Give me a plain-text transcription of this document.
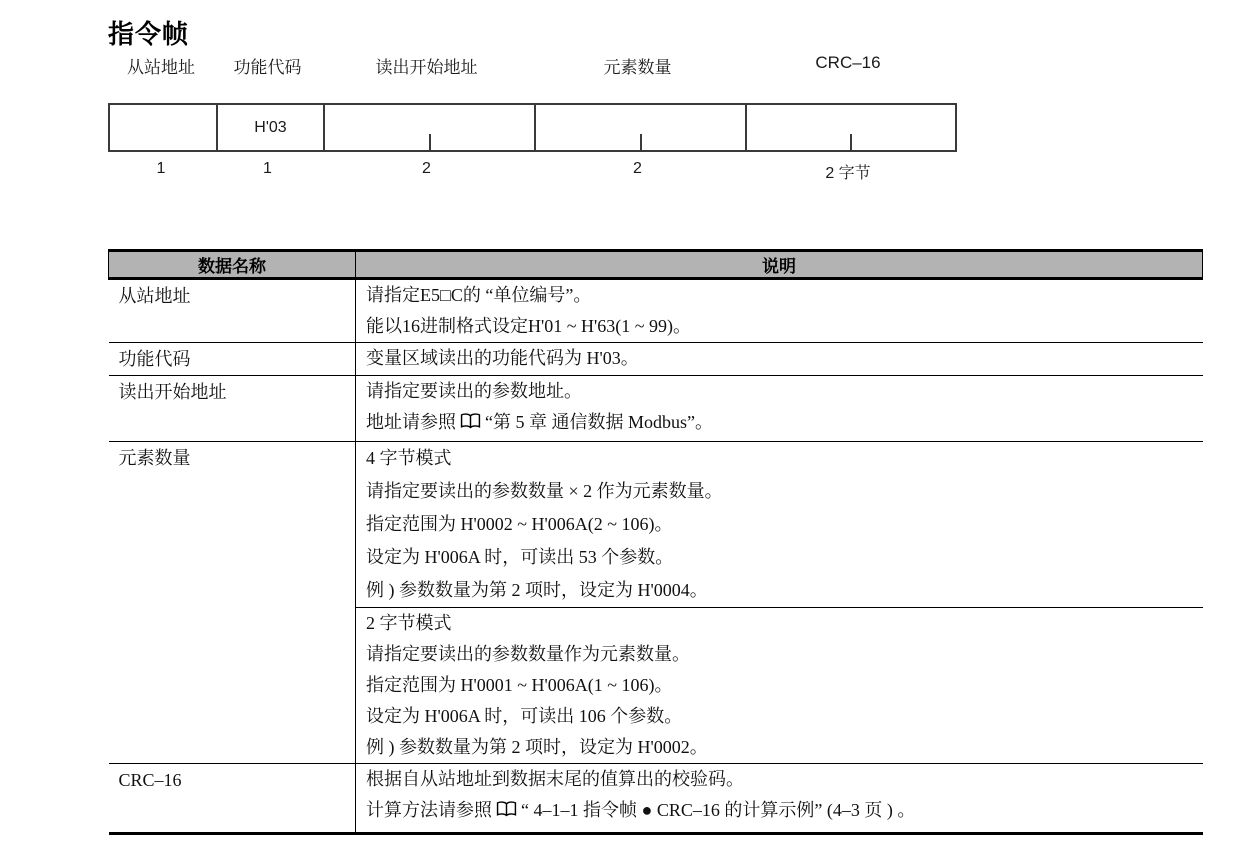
指令帧
从站地址	功能代码	读出开始地址	元素数量	CRC–16
H'03
1	1	2	2	2 字节
数据名称	说明
从站地址	请指定E5□C的 “单位编号”。
能以16进制格式设定H'01 ~ H'63(1 ~ 99)。

功能代码	变量区域读出的功能代码为 H'03。

读出开始地址	请指定要读出的参数地址。
地址请参照 “第 5 章 通信数据 Modbus”。

元素数量	4 字节模式
请指定要读出的参数数量 × 2 作为元素数量。
指定范围为 H'0002 ~ H'006A(2 ~ 106)。
设定为 H'006A 时，可读出 53 个参数。
例 ) 参数数量为第 2 项时，设定为 H'0004。

	2 字节模式
请指定要读出的参数数量作为元素数量。
指定范围为 H'0001 ~ H'006A(1 ~ 106)。
设定为 H'006A 时，可读出 106 个参数。
例 ) 参数数量为第 2 项时，设定为 H'0002。

CRC–16	根据自从站地址到数据末尾的值算出的校验码。
计算方法请参照 “ 4–1–1 指令帧 ● CRC–16 的计算示例” (4–3 页 ) 。
